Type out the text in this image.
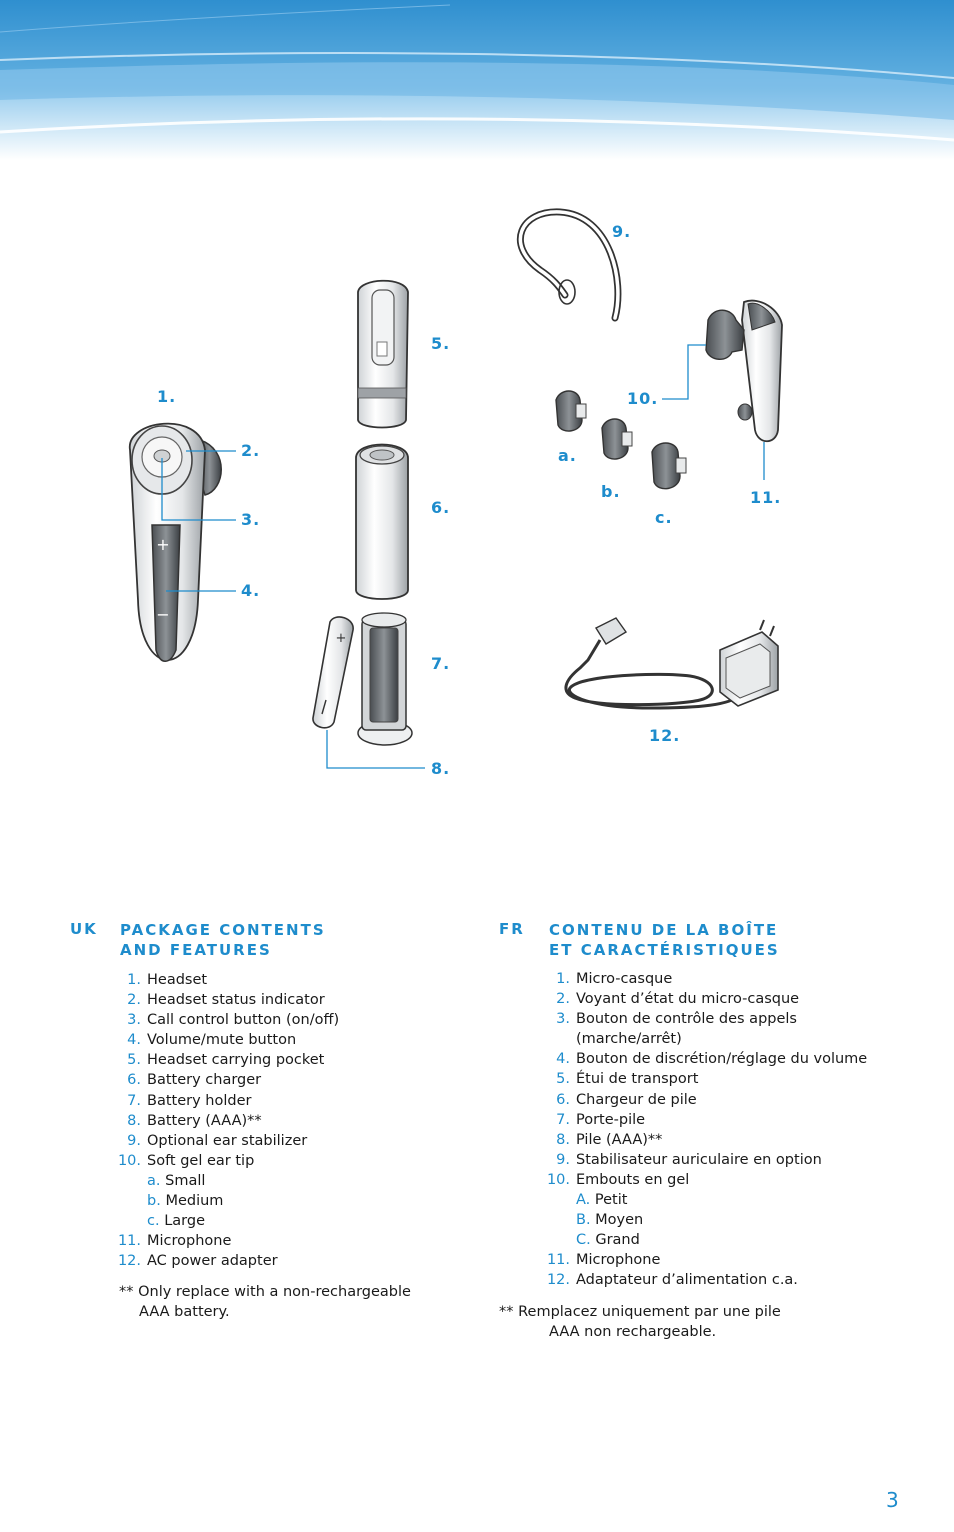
+
−
+
1.
2.
3.
4.
5.
6.
7.
8.
9.
10.
11.
12.
a.
b.
c.
UK PACKAGE CONTENTS
AND FEATURES
1. Headset
2. Headset status indicator
3. Call control button (on/off)
4. Volume/mute button
5. Headset carrying pocket
6. Battery charger
7. Battery holder
8. Battery (AAA)**
9. Optional ear stabilizer
10. Soft gel ear tip
a. Small
b. Medium
c. Large
11. Microphone
12. AC power adapter
** Only replace with a non-rechargeable
AAA battery.
FR CONTENU DE LA BOÎTE
ET CARACTÉRISTIQUES
1. Micro-casque
2. Voyant d’état du micro-casque
3. Bouton de contrôle des appels
(marche/arrêt)
4. Bouton de discrétion/réglage du volume
5. Étui de transport
6. Chargeur de pile
7. Porte-pile
8. Pile (AAA)**
9. Stabilisateur auriculaire en option
10. Embouts en gel
A. Petit
B. Moyen
C. Grand
11. Microphone
12. Adaptateur d’alimentation c.a.
** Remplacez uniquement par une pile
AAA non rechargeable.
3
